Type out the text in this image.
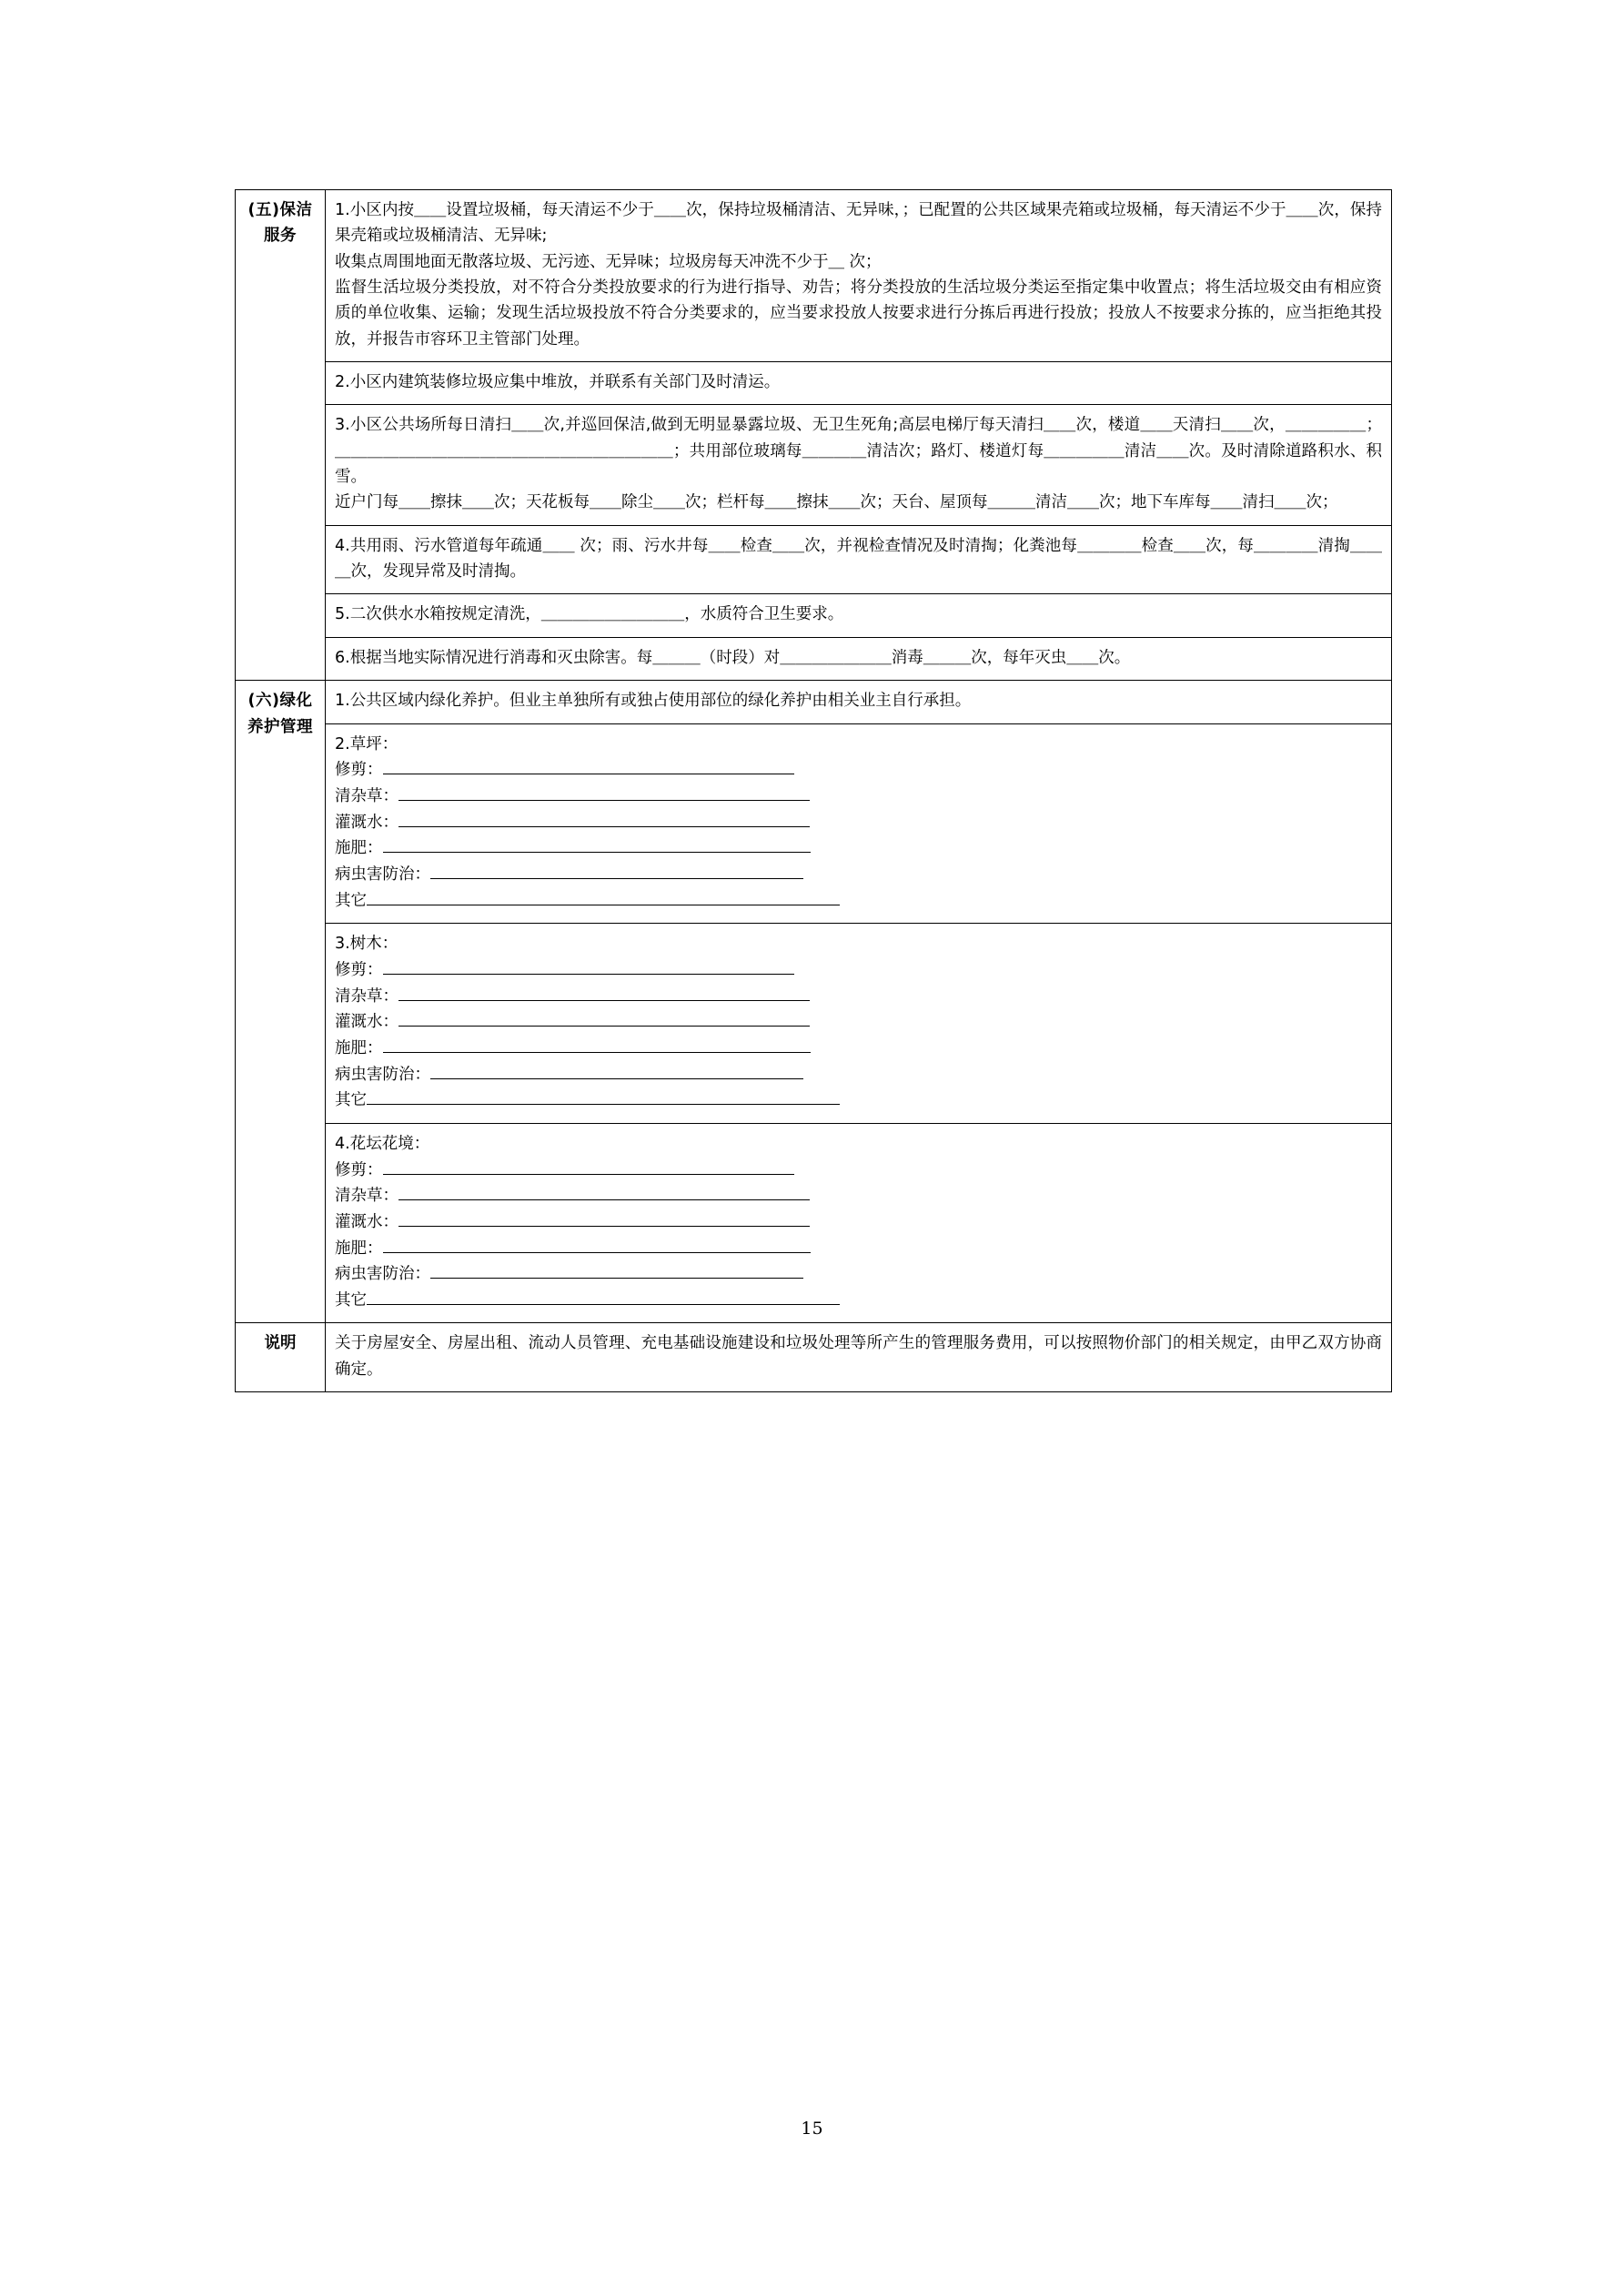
(五)保洁服务	1.小区内按＿＿设置垃圾桶，每天清运不少于＿＿次，保持垃圾桶清洁、无异味，；已配置的公共区域果壳箱或垃圾桶，每天清运不少于＿＿次，保持果壳箱或垃圾桶清洁、无异味;

收集点周围地面无散落垃圾、无污迹、无异味；垃圾房每天冲洗不少于＿ 次；

监督生活垃圾分类投放，对不符合分类投放要求的行为进行指导、劝告；将分类投放的生活垃圾分类运至指定集中收置点；将生活垃圾交由有相应资质的单位收集、运输；发现生活垃圾投放不符合分类要求的，应当要求投放人按要求进行分拣后再进行投放；投放人不按要求分拣的，应当拒绝其投放，并报告市容环卫主管部门处理。

	2.小区内建筑装修垃圾应集中堆放，并联系有关部门及时清运。

	3.小区公共场所每日清扫＿＿次,并巡回保洁,做到无明显暴露垃圾、无卫生死角;高层电梯厅每天清扫＿＿次，楼道＿＿天清扫＿＿次，＿＿＿＿＿；＿＿＿＿＿＿＿＿＿＿＿＿＿＿＿＿＿＿＿＿＿；共用部位玻璃每＿＿＿＿清洁次；路灯、楼道灯每＿＿＿＿＿清洁＿＿次。及时清除道路积水、积雪。

近户门每＿＿擦抹＿＿次；天花板每＿＿除尘＿＿次；栏杆每＿＿擦抹＿＿次；天台、屋顶每＿＿＿清洁＿＿次；地下车库每＿＿清扫＿＿次；

	4.共用雨、污水管道每年疏通＿＿ 次；雨、污水井每＿＿检查＿＿次，并视检查情况及时清掏；化粪池每＿＿＿＿检查＿＿次，每＿＿＿＿清掏＿＿＿次，发现异常及时清掏。

	5.二次供水水箱按规定清洗，＿＿＿＿＿＿＿＿＿，水质符合卫生要求。

	6.根据当地实际情况进行消毒和灭虫除害。每＿＿＿（时段）对＿＿＿＿＿＿＿消毒＿＿＿次，每年灭虫＿＿次。

(六)绿化养护管理	1.公共区域内绿化养护。但业主单独所有或独占使用部位的绿化养护由相关业主自行承担。

2.草坪：

修剪：

清杂草：

灌溉水：

施肥：

病虫害防治：

其它

3.树木：

修剪：

清杂草：

灌溉水：

施肥：

病虫害防治：

其它

4.花坛花境：

修剪：

清杂草：

灌溉水：

施肥：

病虫害防治：

其它

说明	关于房屋安全、房屋出租、流动人员管理、充电基础设施建设和垃圾处理等所产生的管理服务费用，可以按照物价部门的相关规定，由甲乙双方协商确定。

15
